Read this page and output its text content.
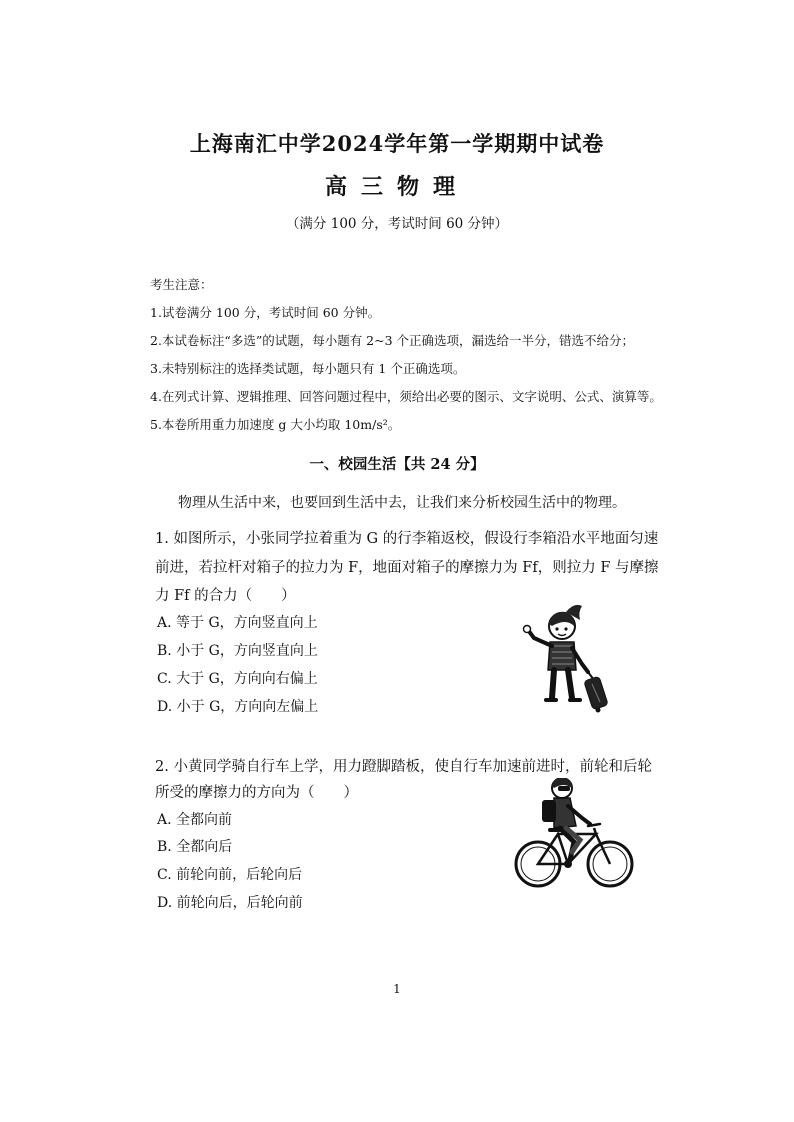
上海南汇中学2024学年第一学期期中试卷
高三物理
（满分 100 分，考试时间 60 分钟）
考生注意：
1.试卷满分 100 分，考试时间 60 分钟。
2.本试卷标注“多选”的试题，每小题有 2~3 个正确选项，漏选给一半分，错选不给分；
3.未特别标注的选择类试题，每小题只有 1 个正确选项。
4.在列式计算、逻辑推理、回答问题过程中，须给出必要的图示、文字说明、公式、演算等。
5.本卷所用重力加速度 g 大小均取 10m/s²。
一、校园生活【共 24 分】
物理从生活中来，也要回到生活中去，让我们来分析校园生活中的物理。
1. 如图所示，小张同学拉着重为 G 的行李箱返校，假设行李箱沿水平地面匀速
前进，若拉杆对箱子的拉力为 F，地面对箱子的摩擦力为 Ff，则拉力 F 与摩擦
力 Ff 的合力（　　）
A. 等于 G，方向竖直向上
B. 小于 G，方向竖直向上
C. 大于 G，方向向右偏上
D. 小于 G，方向向左偏上
2. 小黄同学骑自行车上学，用力蹬脚踏板，使自行车加速前进时，前轮和后轮
所受的摩擦力的方向为（　　）
A. 全都向前
B. 全都向后
C. 前轮向前，后轮向后
D. 前轮向后，后轮向前
1
